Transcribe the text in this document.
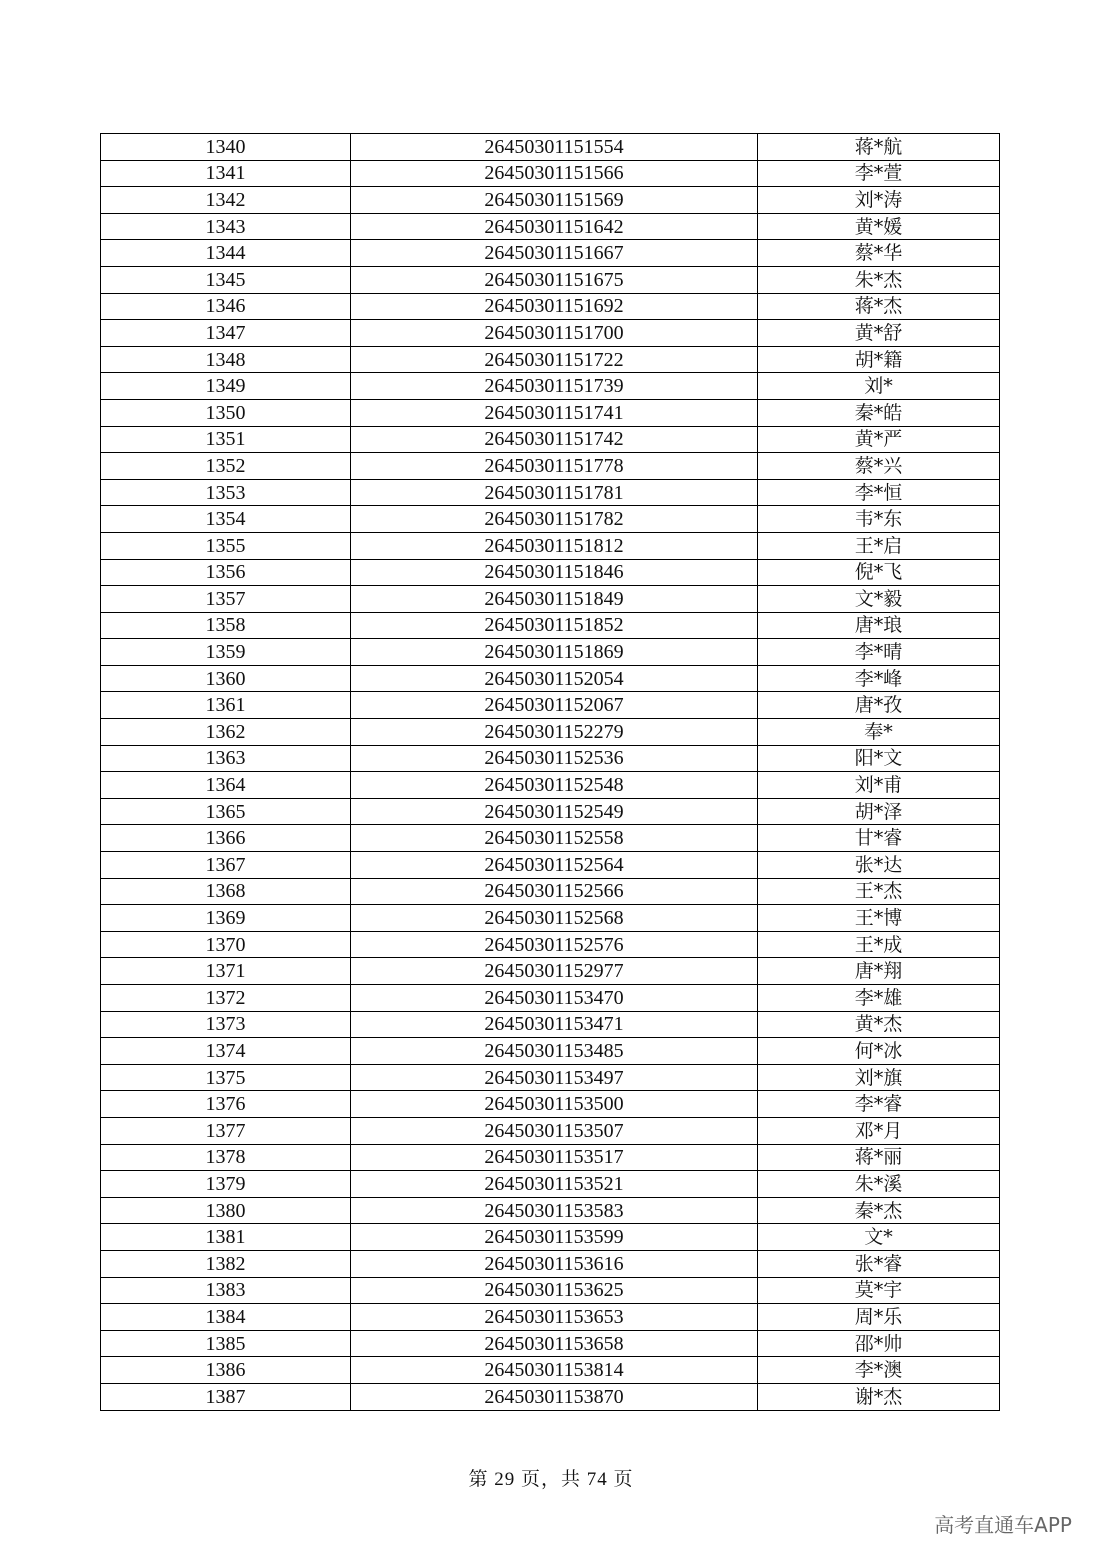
1340	26450301151554	蒋*航
1341	26450301151566	李*萱
1342	26450301151569	刘*涛
1343	26450301151642	黄*媛
1344	26450301151667	蔡*华
1345	26450301151675	朱*杰
1346	26450301151692	蒋*杰
1347	26450301151700	黄*舒
1348	26450301151722	胡*籍
1349	26450301151739	刘*
1350	26450301151741	秦*皓
1351	26450301151742	黄*严
1352	26450301151778	蔡*兴
1353	26450301151781	李*恒
1354	26450301151782	韦*东
1355	26450301151812	王*启
1356	26450301151846	倪*飞
1357	26450301151849	文*毅
1358	26450301151852	唐*琅
1359	26450301151869	李*晴
1360	26450301152054	李*峰
1361	26450301152067	唐*孜
1362	26450301152279	奉*
1363	26450301152536	阳*文
1364	26450301152548	刘*甫
1365	26450301152549	胡*泽
1366	26450301152558	甘*睿
1367	26450301152564	张*达
1368	26450301152566	王*杰
1369	26450301152568	王*博
1370	26450301152576	王*成
1371	26450301152977	唐*翔
1372	26450301153470	李*雄
1373	26450301153471	黄*杰
1374	26450301153485	何*冰
1375	26450301153497	刘*旗
1376	26450301153500	李*睿
1377	26450301153507	邓*月
1378	26450301153517	蒋*丽
1379	26450301153521	朱*溪
1380	26450301153583	秦*杰
1381	26450301153599	文*
1382	26450301153616	张*睿
1383	26450301153625	莫*宇
1384	26450301153653	周*乐
1385	26450301153658	邵*帅
1386	26450301153814	李*澳
1387	26450301153870	谢*杰
第 29 页，共 74 页
高考直通车APP
